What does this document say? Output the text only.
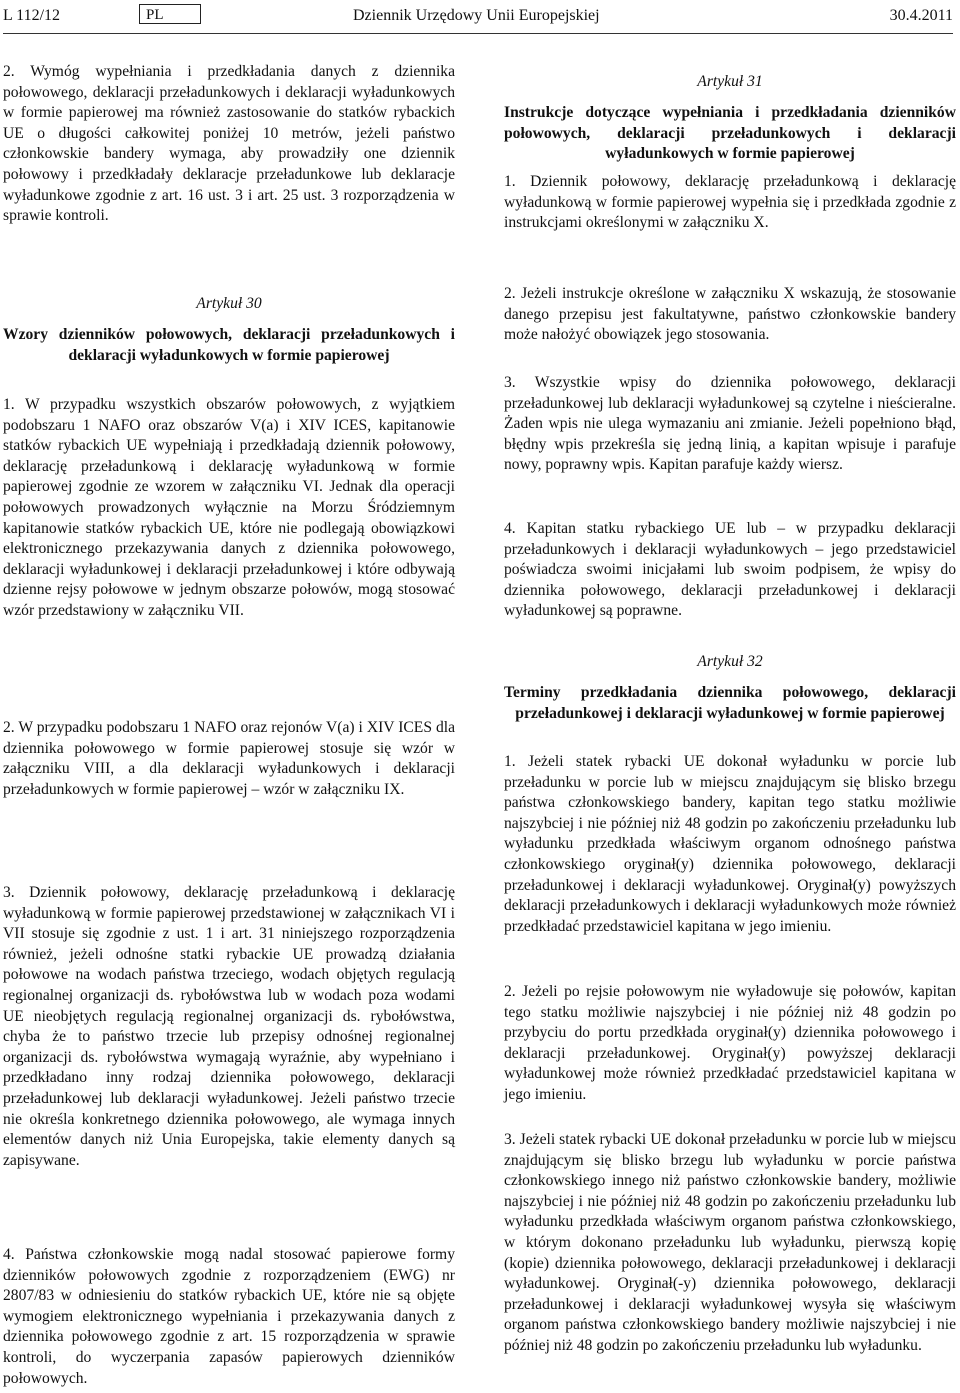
L 112/12	PL	Dziennik Urzędowy Unii Europejskiej	30.4.2011

2. Wymóg wypełniania i przedkładania danych z dziennika połowowego, deklaracji przeładunkowych i deklaracji wyładunkowych w formie papierowej ma również zastosowanie do statków rybackich UE o długości całkowitej poniżej 10 metrów, jeżeli państwo członkowskie bandery wymaga, aby prowadziły one dziennik połowowy i przedkładały deklaracje przeładunkowe lub deklaracje wyładunkowe zgodnie z art. 16 ust. 3 i art. 25 ust. 3 rozporządzenia w sprawie kontroli.

Artykuł 30
Wzory dzienników połowowych, deklaracji przeładunkowych i deklaracji wyładunkowych w formie papierowej

1. W przypadku wszystkich obszarów połowowych, z wyjątkiem podobszaru 1 NAFO oraz obszarów V(a) i XIV ICES, kapitanowie statków rybackich UE wypełniają i przedkładają dziennik połowowy, deklarację przeładunkową i deklarację wyładunkową w formie papierowej zgodnie ze wzorem w załączniku VI. Jednak dla operacji połowowych prowadzonych wyłącznie na Morzu Śródziemnym kapitanowie statków rybackich UE, które nie podlegają obowiązkowi elektronicznego przekazywania danych z dziennika połowowego, deklaracji wyładunkowej i deklaracji przeładunkowej i które odbywają dzienne rejsy połowowe w jednym obszarze połowów, mogą stosować wzór przedstawiony w załączniku VII.

2. W przypadku podobszaru 1 NAFO oraz rejonów V(a) i XIV ICES dla dziennika połowowego w formie papierowej stosuje się wzór w załączniku VIII, a dla deklaracji wyładunkowych i deklaracji przeładunkowych w formie papierowej – wzór w załączniku IX.

3. Dziennik połowowy, deklarację przeładunkową i deklarację wyładunkową w formie papierowej przedstawionej w załącznikach VI i VII stosuje się zgodnie z ust. 1 i art. 31 niniejszego rozporządzenia również, jeżeli odnośne statki rybackie UE prowadzą działania połowowe na wodach państwa trzeciego, wodach objętych regulacją regionalnej organizacji ds. rybołówstwa lub w wodach poza wodami UE nieobjętych regulacją regionalnej organizacji ds. rybołówstwa, chyba że to państwo trzecie lub przepisy odnośnej regionalnej organizacji ds. rybołówstwa wymagają wyraźnie, aby wypełniano i przedkładano inny rodzaj dziennika połowowego, deklaracji przeładunkowej lub deklaracji wyładunkowej. Jeżeli państwo trzecie nie określa konkretnego dziennika połowowego, ale wymaga innych elementów danych niż Unia Europejska, takie elementy danych są zapisywane.

4. Państwa członkowskie mogą nadal stosować papierowe formy dzienników połowowych zgodnie z rozporządzeniem (EWG) nr 2807/83 w odniesieniu do statków rybackich UE, które nie są objęte wymogiem elektronicznego wypełniania i przekazywania danych z dziennika połowowego zgodnie z art. 15 rozporządzenia w sprawie kontroli, do wyczerpania zapasów papierowych dzienników połowowych.

Artykuł 31
Instrukcje dotyczące wypełniania i przedkładania dzienników połowowych, deklaracji przeładunkowych i deklaracji wyładunkowych w formie papierowej

1. Dziennik połowowy, deklarację przeładunkową i deklarację wyładunkową w formie papierowej wypełnia się i przedkłada zgodnie z instrukcjami określonymi w załączniku X.

2. Jeżeli instrukcje określone w załączniku X wskazują, że stosowanie danego przepisu jest fakultatywne, państwo członkowskie bandery może nałożyć obowiązek jego stosowania.

3. Wszystkie wpisy do dziennika połowowego, deklaracji przeładunkowej lub deklaracji wyładunkowej są czytelne i nieścieralne. Żaden wpis nie ulega wymazaniu ani zmianie. Jeżeli popełniono błąd, błędny wpis przekreśla się jedną linią, a kapitan wpisuje i parafuje nowy, poprawny wpis. Kapitan parafuje każdy wiersz.

4. Kapitan statku rybackiego UE lub – w przypadku deklaracji przeładunkowych i deklaracji wyładunkowych – jego przedstawiciel poświadcza swoimi inicjałami lub swoim podpisem, że wpisy do dziennika połowowego, deklaracji przeładunkowej i deklaracji wyładunkowej są poprawne.

Artykuł 32
Terminy przedkładania dziennika połowowego, deklaracji przeładunkowej i deklaracji wyładunkowej w formie papierowej

1. Jeżeli statek rybacki UE dokonał wyładunku w porcie lub przeładunku w porcie lub w miejscu znajdującym się blisko brzegu państwa członkowskiego bandery, kapitan tego statku możliwie najszybciej i nie później niż 48 godzin po zakończeniu przeładunku lub wyładunku przedkłada właściwym organom odnośnego państwa członkowskiego oryginał(y) dziennika połowowego, deklaracji przeładunkowej i deklaracji wyładunkowej. Oryginał(y) powyższych deklaracji przeładunkowych i deklaracji wyładunkowych może również przedkładać przedstawiciel kapitana w jego imieniu.

2. Jeżeli po rejsie połowowym nie wyładowuje się połowów, kapitan tego statku możliwie najszybciej i nie później niż 48 godzin po przybyciu do portu przedkłada oryginał(y) dziennika połowowego i deklaracji przeładunkowej. Oryginał(y) powyższej deklaracji wyładunkowej może również przedkładać przedstawiciel kapitana w jego imieniu.

3. Jeżeli statek rybacki UE dokonał przeładunku w porcie lub w miejscu znajdującym się blisko brzegu lub wyładunku w porcie państwa członkowskiego innego niż państwo członkowskie bandery, możliwie najszybciej i nie później niż 48 godzin po zakończeniu przeładunku lub wyładunku przedkłada właściwym organom państwa członkowskiego, w którym dokonano przeładunku lub wyładunku, pierwszą kopię (kopie) dziennika połowowego, deklaracji przeładunkowej i deklaracji wyładunkowej. Oryginał(-y) dziennika połowowego, deklaracji przeładunkowej i deklaracji wyładunkowej wysyła się właściwym organom państwa członkowskiego bandery możliwie najszybciej i nie później niż 48 godzin po zakończeniu przeładunku lub wyładunku.
